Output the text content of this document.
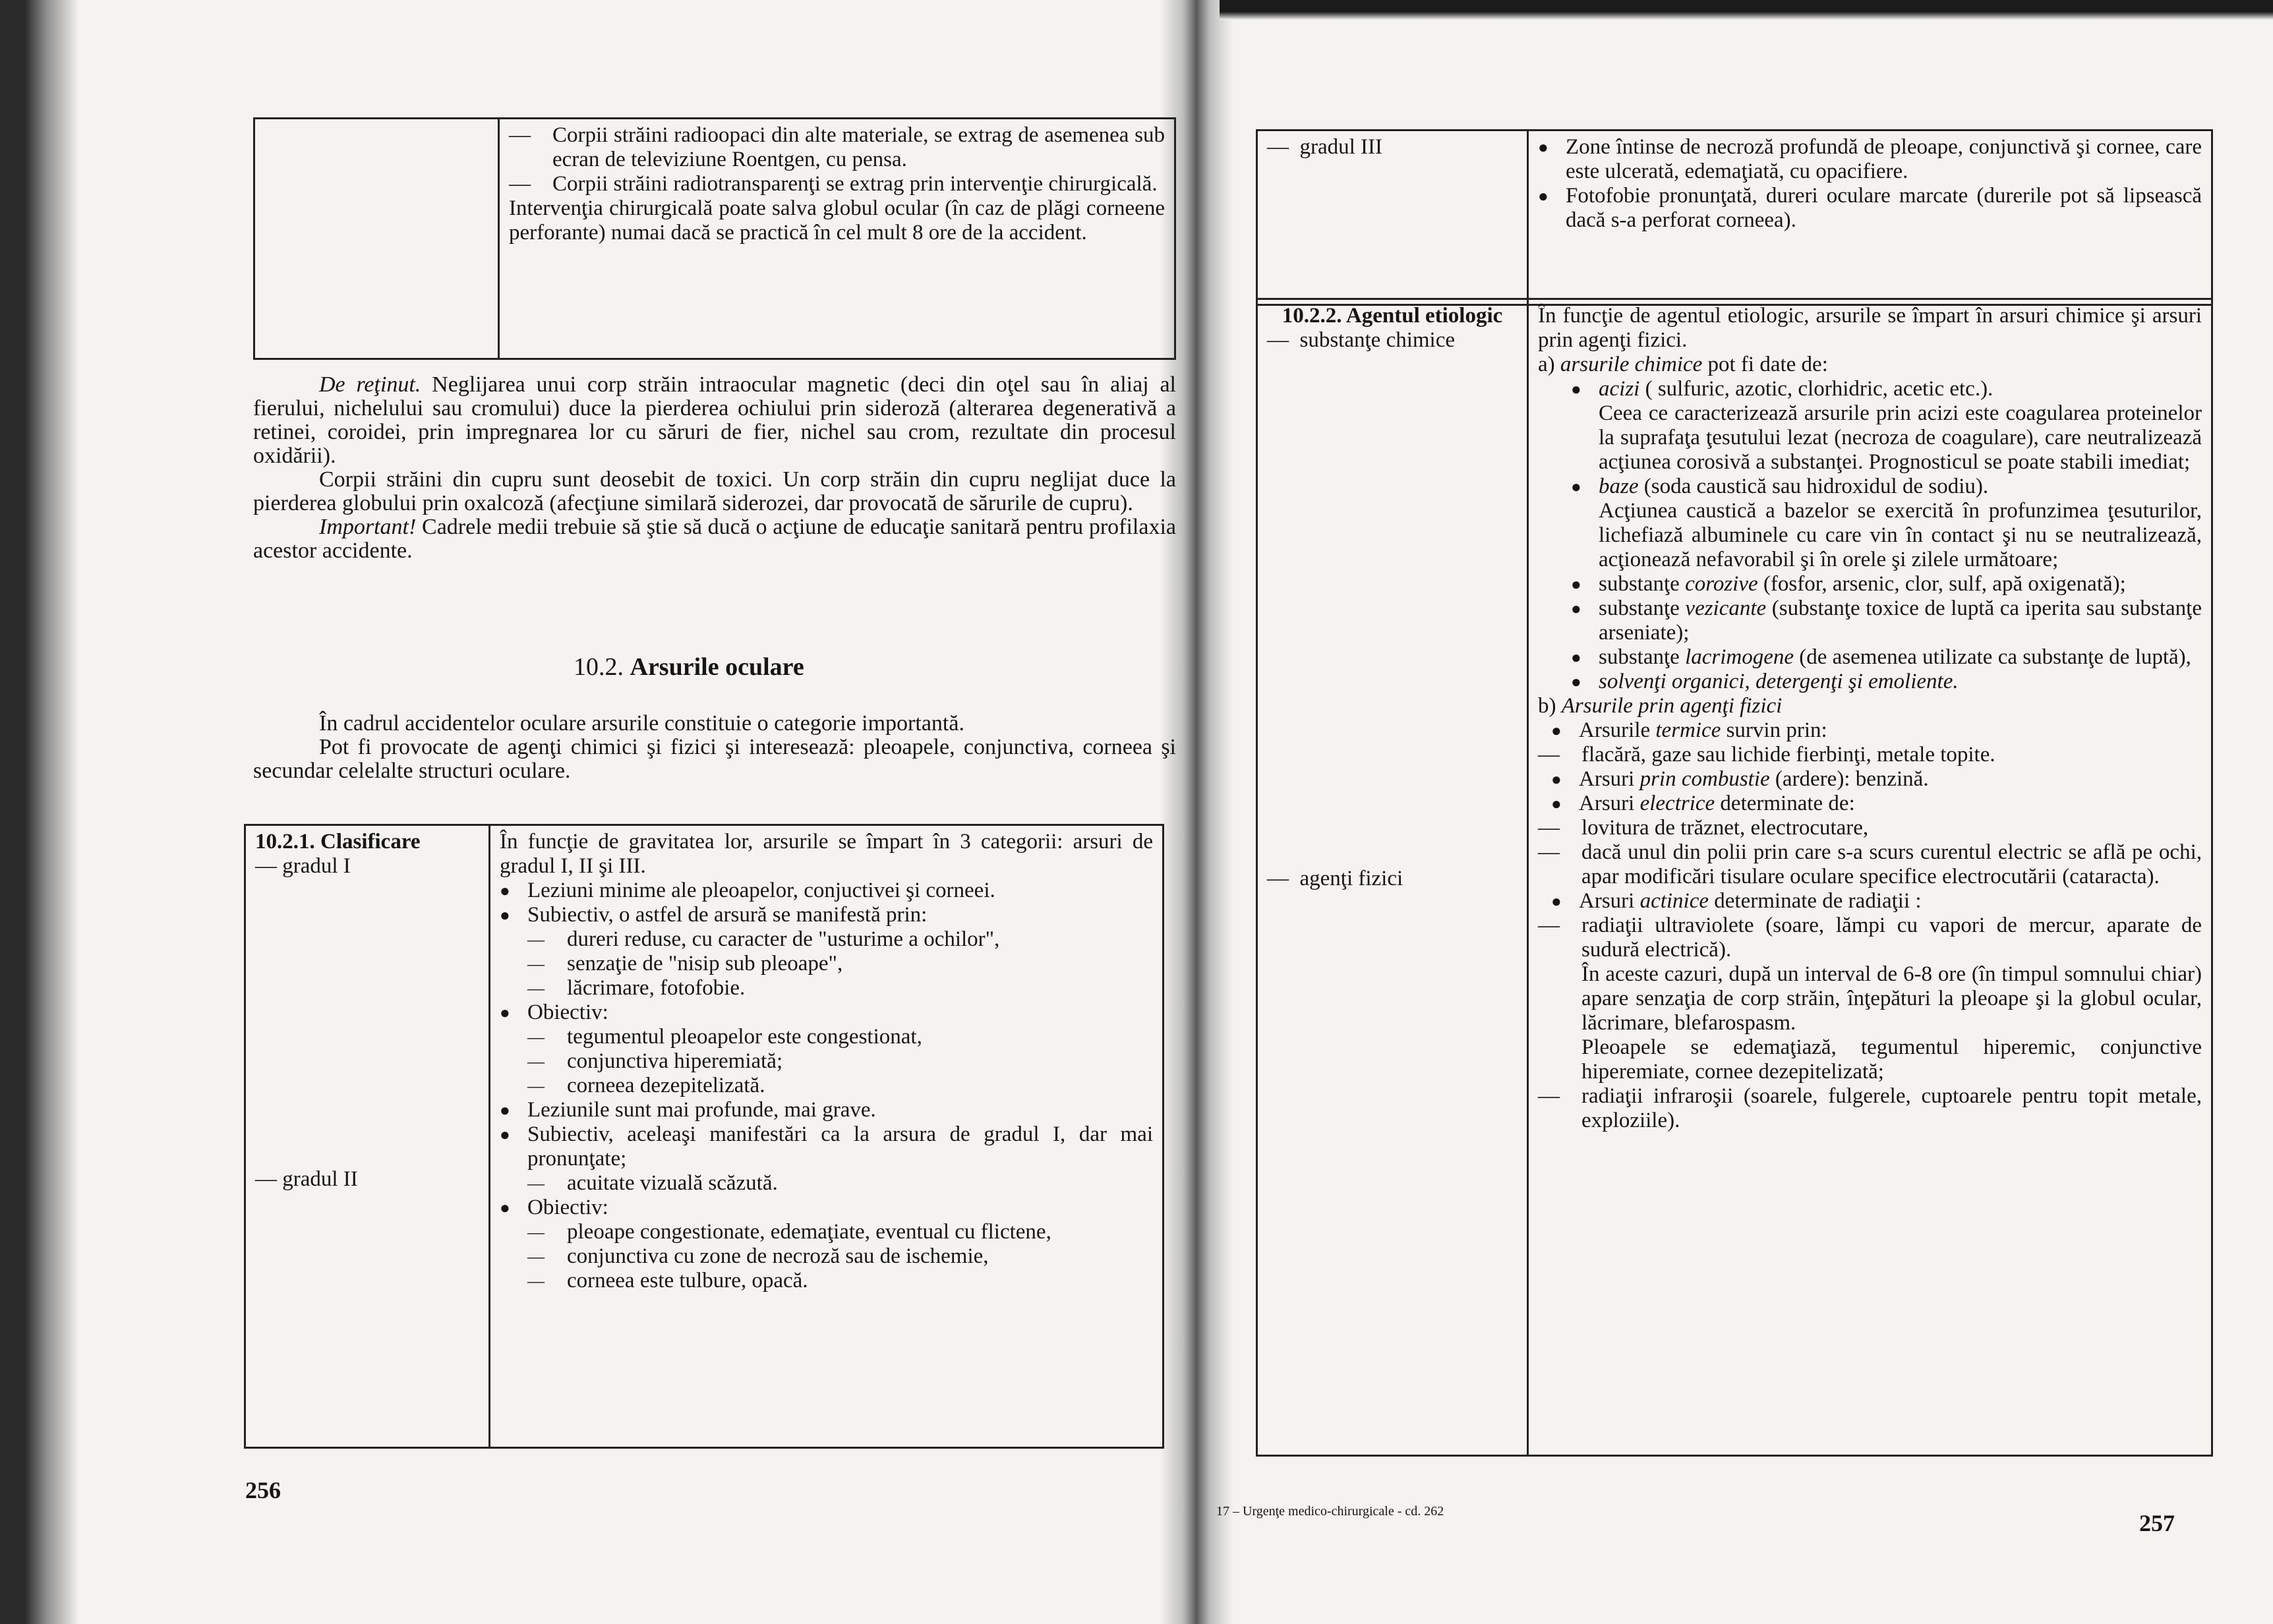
— Corpii străini radioopaci din alte materiale, se extrag de asemenea sub ecran de televiziune Roentgen, cu pensa.
— Corpii străini radiotransparenţi se extrag prin intervenţie chirurgicală.
Intervenţia chirurgicală poate salva globul ocular (în caz de plăgi corneene perforante) numai dacă se practică în cel mult 8 ore de la accident.
De reţinut. Neglijarea unui corp străin intraocular magnetic (deci din oţel sau în aliaj al fierului, nichelului sau cromului) duce la pierderea ochiului prin sideroză (alterarea degenerativă a retinei, coroidei, prin impregnarea lor cu săruri de fier, nichel sau crom, rezultate din procesul oxidării).
Corpii străini din cupru sunt deosebit de toxici. Un corp străin din cupru neglijat duce la pierderea globului prin oxalcoză (afecţiune similară siderozei, dar provocată de sărurile de cupru).
Important! Cadrele medii trebuie să ştie să ducă o acţiune de educaţie sanitară pentru profilaxia acestor accidente.
10.2. Arsurile oculare
În cadrul accidentelor oculare arsurile constituie o categorie importantă.
Pot fi provocate de agenţi chimici şi fizici şi interesează: pleoapele, conjunctiva, corneea şi secundar celelalte structuri oculare.
10.2.1. Clasificare
— gradul I
— gradul II

În funcţie de gravitatea lor, arsurile se împart în 3 categorii: arsuri de gradul I, II şi III.
● Leziuni minime ale pleoapelor, conjuctivei şi corneei.
● Subiectiv, o astfel de arsură se manifestă prin:
— dureri reduse, cu caracter de "usturime a ochilor",
— senzaţie de "nisip sub pleoape",
— lăcrimare, fotofobie.
● Obiectiv:
— tegumentul pleoapelor este congestionat,
— conjunctiva hiperemiată;
— corneea dezepitelizată.
● Leziunile sunt mai profunde, mai grave.
● Subiectiv, aceleaşi manifestări ca la arsura de gradul I, dar mai pronunţate;
— acuitate vizuală scăzută.
● Obiectiv:
— pleoape congestionate, edemaţiate, eventual cu flictene,
— conjunctiva cu zone de necroză sau de ischemie,
— corneea este tulbure, opacă.
256
—  gradul III

●Zone întinse de necroză profundă de pleoape, conjunctivă şi cornee, care este ulcerată, edemaţiată, cu opacifiere.
● Fotofobie pronunţată, dureri oculare marcate (durerile pot să lipsească dacă s-a perforat corneea).
10.2.2. Agentul etiologic
—  substanţe chimice
—  agenţi fizici

În funcţie de agentul etiologic, arsurile se împart în arsuri chimice şi arsuri prin agenţi fizici.
a) arsurile chimice pot fi date de:
● acizi ( sulfuric, azotic, clorhidric, acetic etc.).
Ceea ce caracterizează arsurile prin acizi este coagularea proteinelor la suprafaţa ţesutului lezat (necroza de coagulare), care neutralizează acţiunea corosivă a substanţei. Prognosticul se poate stabili imediat;
● baze (soda caustică sau hidroxidul de sodiu).
Acţiunea caustică a bazelor se exercită în profunzimea ţesuturilor, lichefiază albuminele cu care vin în contact şi nu se neutralizează, acţionează nefavorabil şi în orele şi zilele următoare;
● substanţe corozive (fosfor, arsenic, clor, sulf, apă oxigenată);
● substanţe vezicante (substanţe toxice de luptă ca iperita sau substanţe arseniate);
● substanţe lacrimogene (de asemenea utilizate ca substanţe de luptă),
● solvenţi organici, detergenţi şi emoliente.
b) Arsurile prin agenţi fizici
● Arsurile termice survin prin:
— flacără, gaze sau lichide fierbinţi, metale topite.
● Arsuri prin combustie (ardere): benzină.
● Arsuri electrice determinate de:
— lovitura de trăznet, electrocutare,
— dacă unul din polii prin care s-a scurs curentul electric se află pe ochi, apar modificări tisulare oculare specifice electrocutării (cataracta).
● Arsuri actinice determinate de radiaţii :
— radiaţii ultraviolete (soare, lămpi cu vapori de mercur, aparate de sudură electrică).
În aceste cazuri, după un interval de 6-8 ore (în timpul somnului chiar) apare senzaţia de corp străin, înţepături la pleoape şi la globul ocular, lăcrimare, blefarospasm.
Pleoapele se edemaţiază, tegumentul hiperemic, conjunctive hiperemiate, cornee dezepitelizată;
— radiaţii infraroşii (soarele, fulgerele, cuptoarele pentru topit metale, exploziile).
17 – Urgenţe medico-chirurgicale - cd. 262	257
